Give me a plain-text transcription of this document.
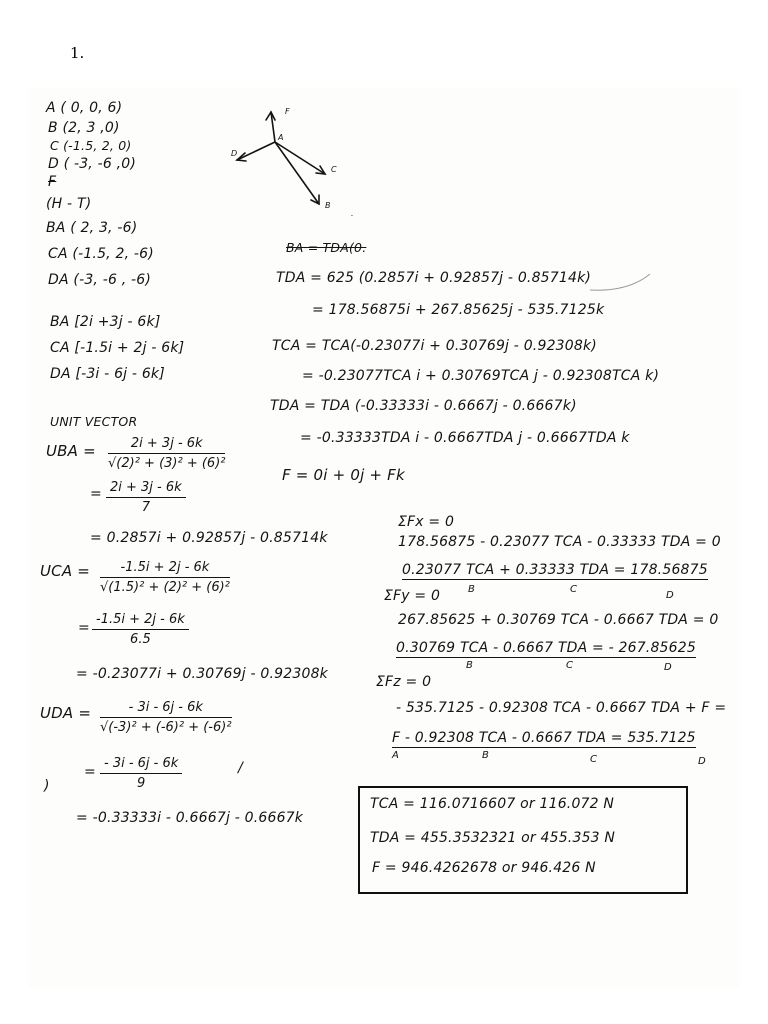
1.
A ( 0, 0, 6)
B (2, 3 ,0)
C (-1.5, 2, 0)
D ( -3, -6 ,0)
F
(H - T)
BA ( 2, 3, -6)
CA (-1.5, 2, -6)
DA (-3, -6 , -6)
BA [2i +3j - 6k]
CA [-1.5i + 2j - 6k]
DA [-3i - 6j - 6k]
UNIT VECTOR
UBA = $\frac{2i + 3j - 6k}{\text{√(2)² + (3)² + (6)²}}$
= $\frac{2i + 3j - 6k}{7}$
= 0.2857i + 0.92857j - 0.85714k
UCA = $\frac{-1.5i + 2j - 6k}{\text{√(1.5)² + (2)² + (6)²}}$
= $\frac{-1.5i + 2j - 6k}{6.5}$
= -0.23077i + 0.30769j - 0.92308k
UDA = $\frac{- 3i - 6j - 6k}{\text{√(-3)² + (-6)² + (-6)²}}$
)
= $\frac{- 3i - 6j - 6k}{9}$	/
= -0.33333i - 0.6667j - 0.6667k
F
A
D
C
B
.
BA = TDA(0.
TDA = 625 (0.2857i + 0.92857j - 0.85714k)
= 178.56875i + 267.85625j - 535.7125k
TCA = TCA(-0.23077i + 0.30769j - 0.92308k)
= -0.23077TCA i + 0.30769TCA j - 0.92308TCA k)
TDA = TDA (-0.33333i - 0.6667j - 0.6667k)
= -0.33333TDA i - 0.6667TDA j - 0.6667TDA k
F = 0i + 0j + Fk
ΣFx = 0
178.56875 - 0.23077 TCA - 0.33333 TDA = 0
0.23077 TCA + 0.33333 TDA = 178.56875
B	C
D
ΣFy = 0
267.85625 + 0.30769 TCA - 0.6667 TDA = 0
0.30769 TCA - 0.6667 TDA = - 267.85625
B	C	D
ΣFz = 0
- 535.7125 - 0.92308 TCA - 0.6667 TDA + F =
F - 0.92308 TCA - 0.6667 TDA = 535.7125
A	B	C	D
TCA = 116.0716607 or 116.072 N
TDA = 455.3532321 or 455.353 N
F = 946.4262678 or 946.426 N
